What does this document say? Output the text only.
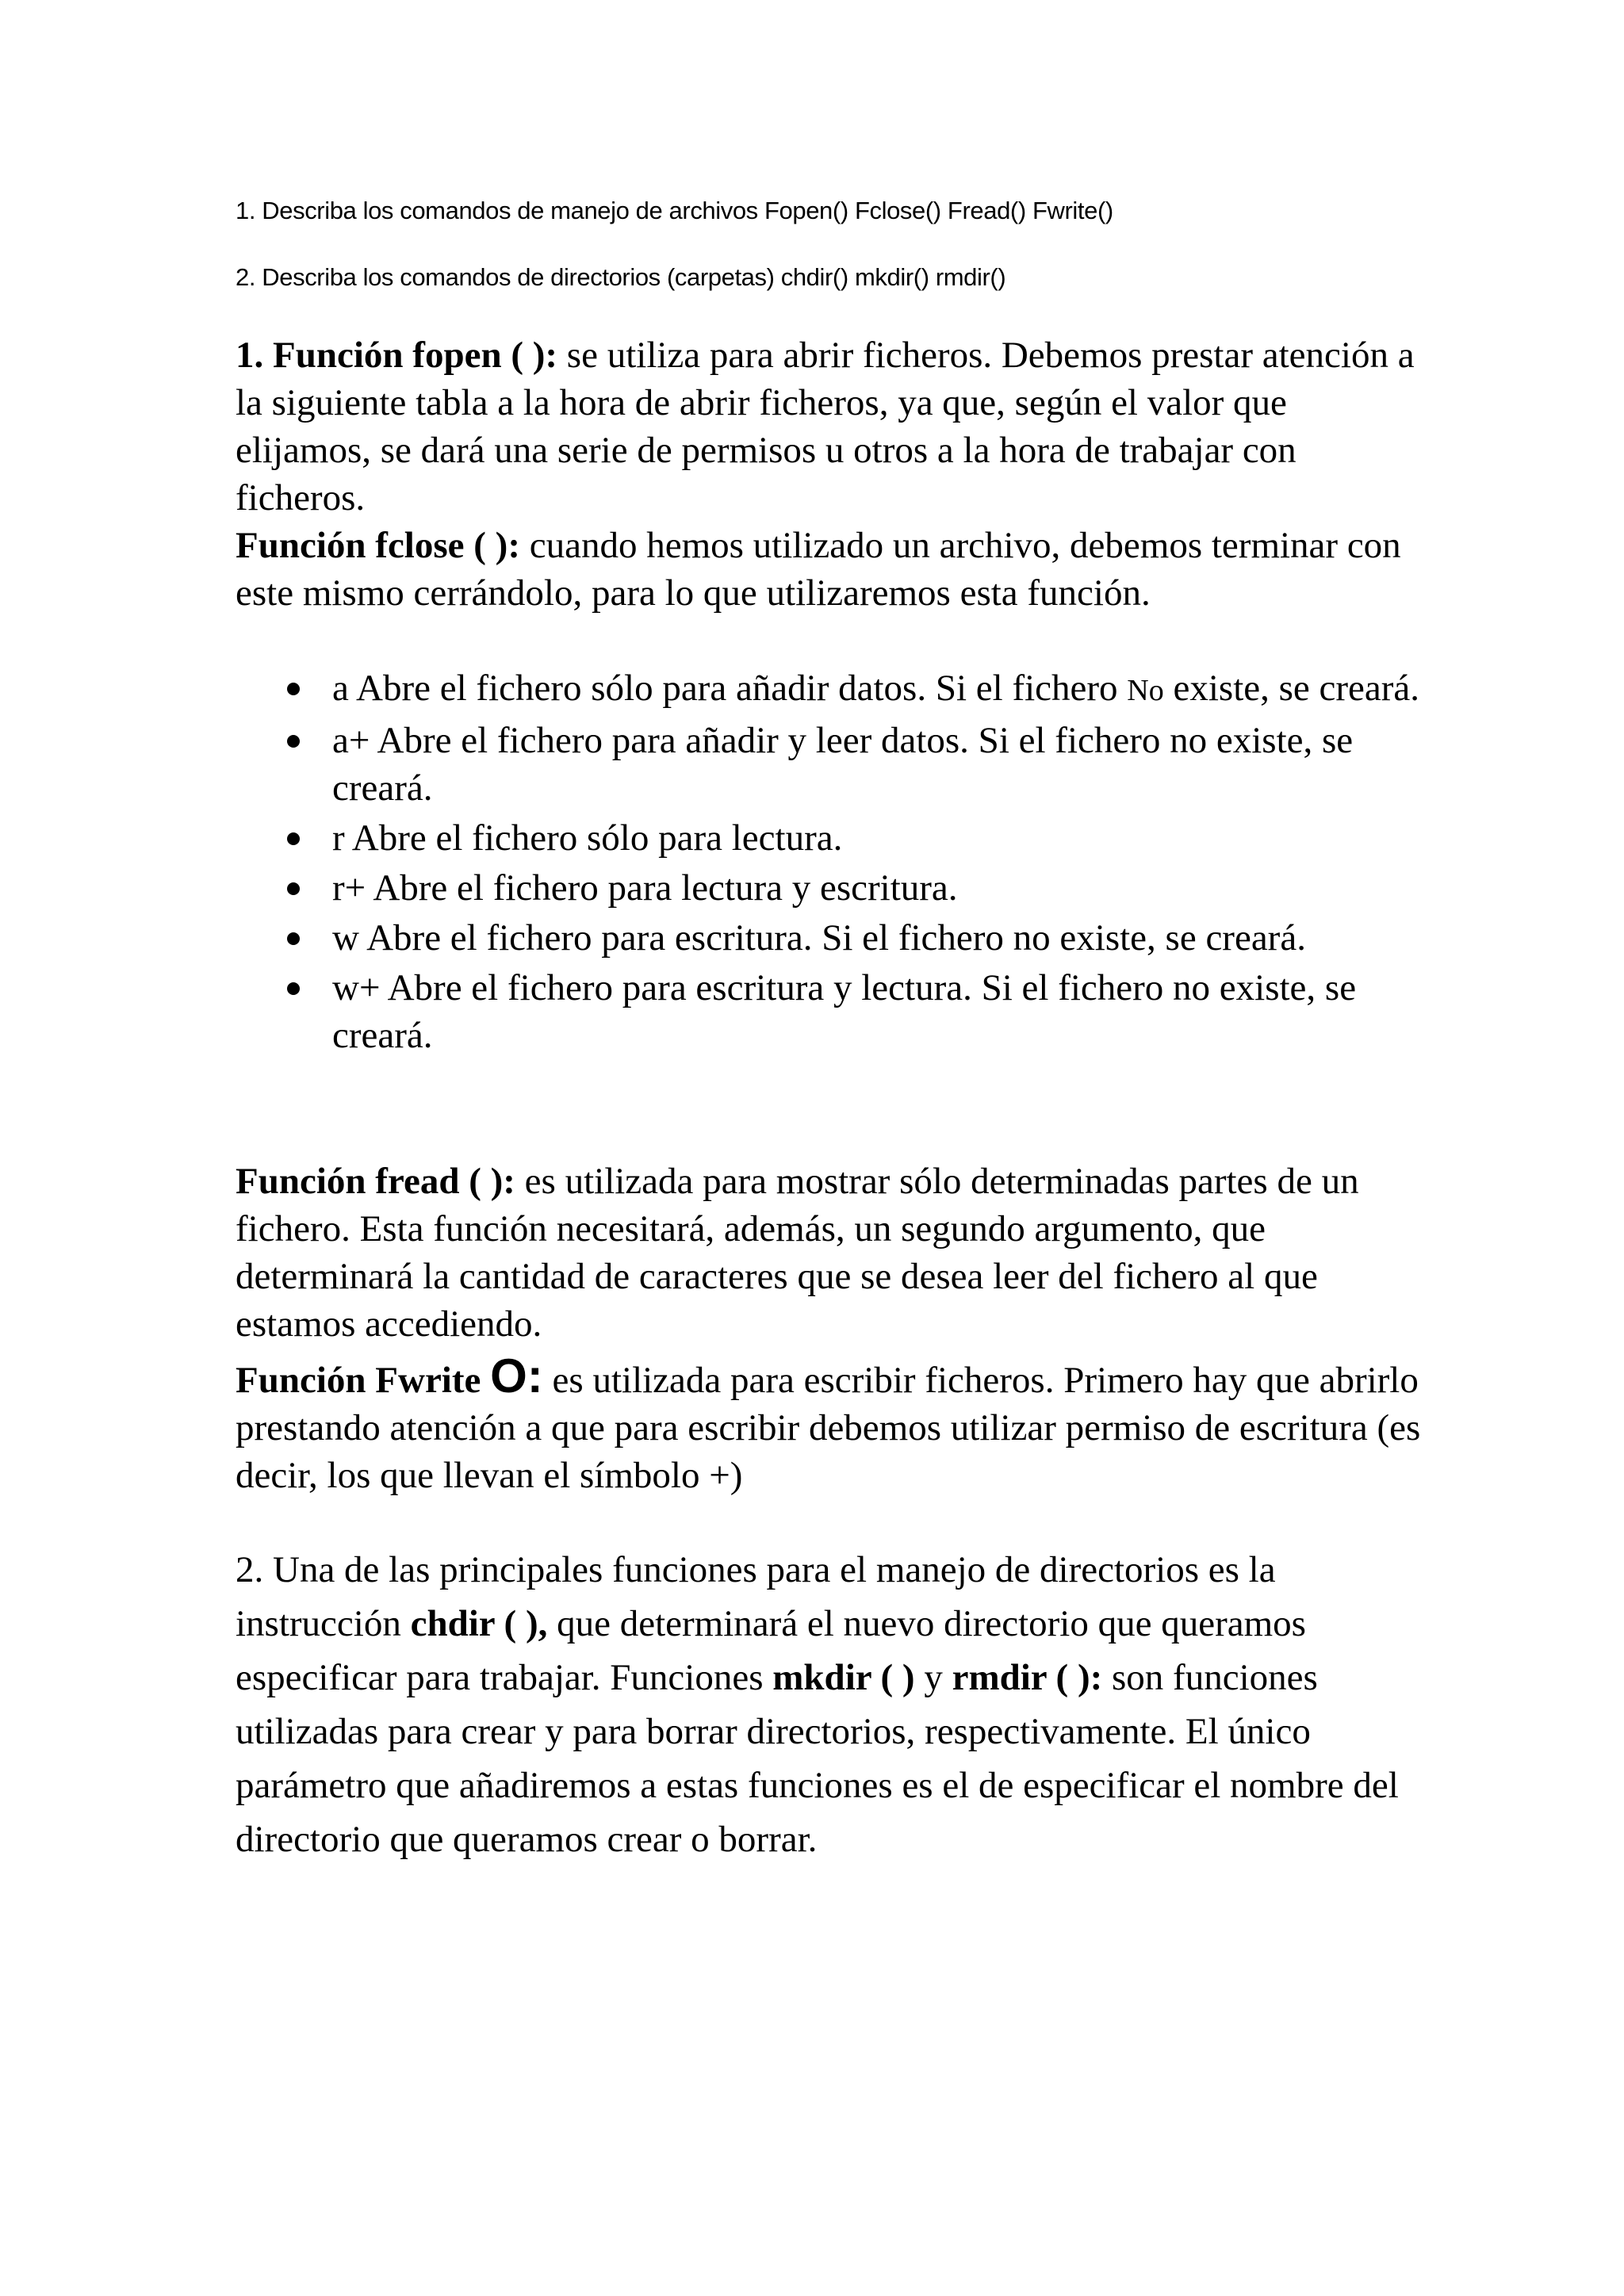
1. Describa los comandos de manejo de archivos Fopen() Fclose() Fread() Fwrite()

2. Describa los comandos de directorios (carpetas) chdir() mkdir() rmdir()

1. Función fopen ( ): se utiliza para abrir ficheros. Debemos prestar atención a la siguiente tabla a la hora de abrir ficheros, ya que, según el valor que elijamos, se dará una serie de permisos u otros a la hora de trabajar con ficheros.

Función fclose ( ): cuando hemos utilizado un archivo, debemos terminar con este mismo cerrándolo, para lo que utilizaremos esta función.

a Abre el fichero sólo para añadir datos. Si el fichero No existe, se creará.
a+ Abre el fichero para añadir y leer datos. Si el fichero no existe, se creará.
r Abre el fichero sólo para lectura.
r+ Abre el fichero para lectura y escritura.
w Abre el fichero para escritura. Si el fichero no existe, se creará.
w+ Abre el fichero para escritura y lectura. Si el fichero no existe, se creará.

Función fread ( ): es utilizada para mostrar sólo determinadas partes de un fichero. Esta función necesitará, además, un segundo argumento, que determinará la cantidad de caracteres que se desea leer del fichero al que estamos accediendo.

Función Fwrite O: es utilizada para escribir ficheros. Primero hay que abrirlo prestando atención a que para escribir debemos utilizar permiso de escritura (es decir, los que llevan el símbolo +)

2. Una de las principales funciones para el manejo de directorios es la instrucción chdir ( ), que determinará el nuevo directorio que queramos especificar para trabajar. Funciones mkdir ( ) y rmdir ( ): son funciones utilizadas para crear y para borrar directorios, respectivamente. El único parámetro que añadiremos a estas funciones es el de especificar el nombre del directorio que queramos crear o borrar.
